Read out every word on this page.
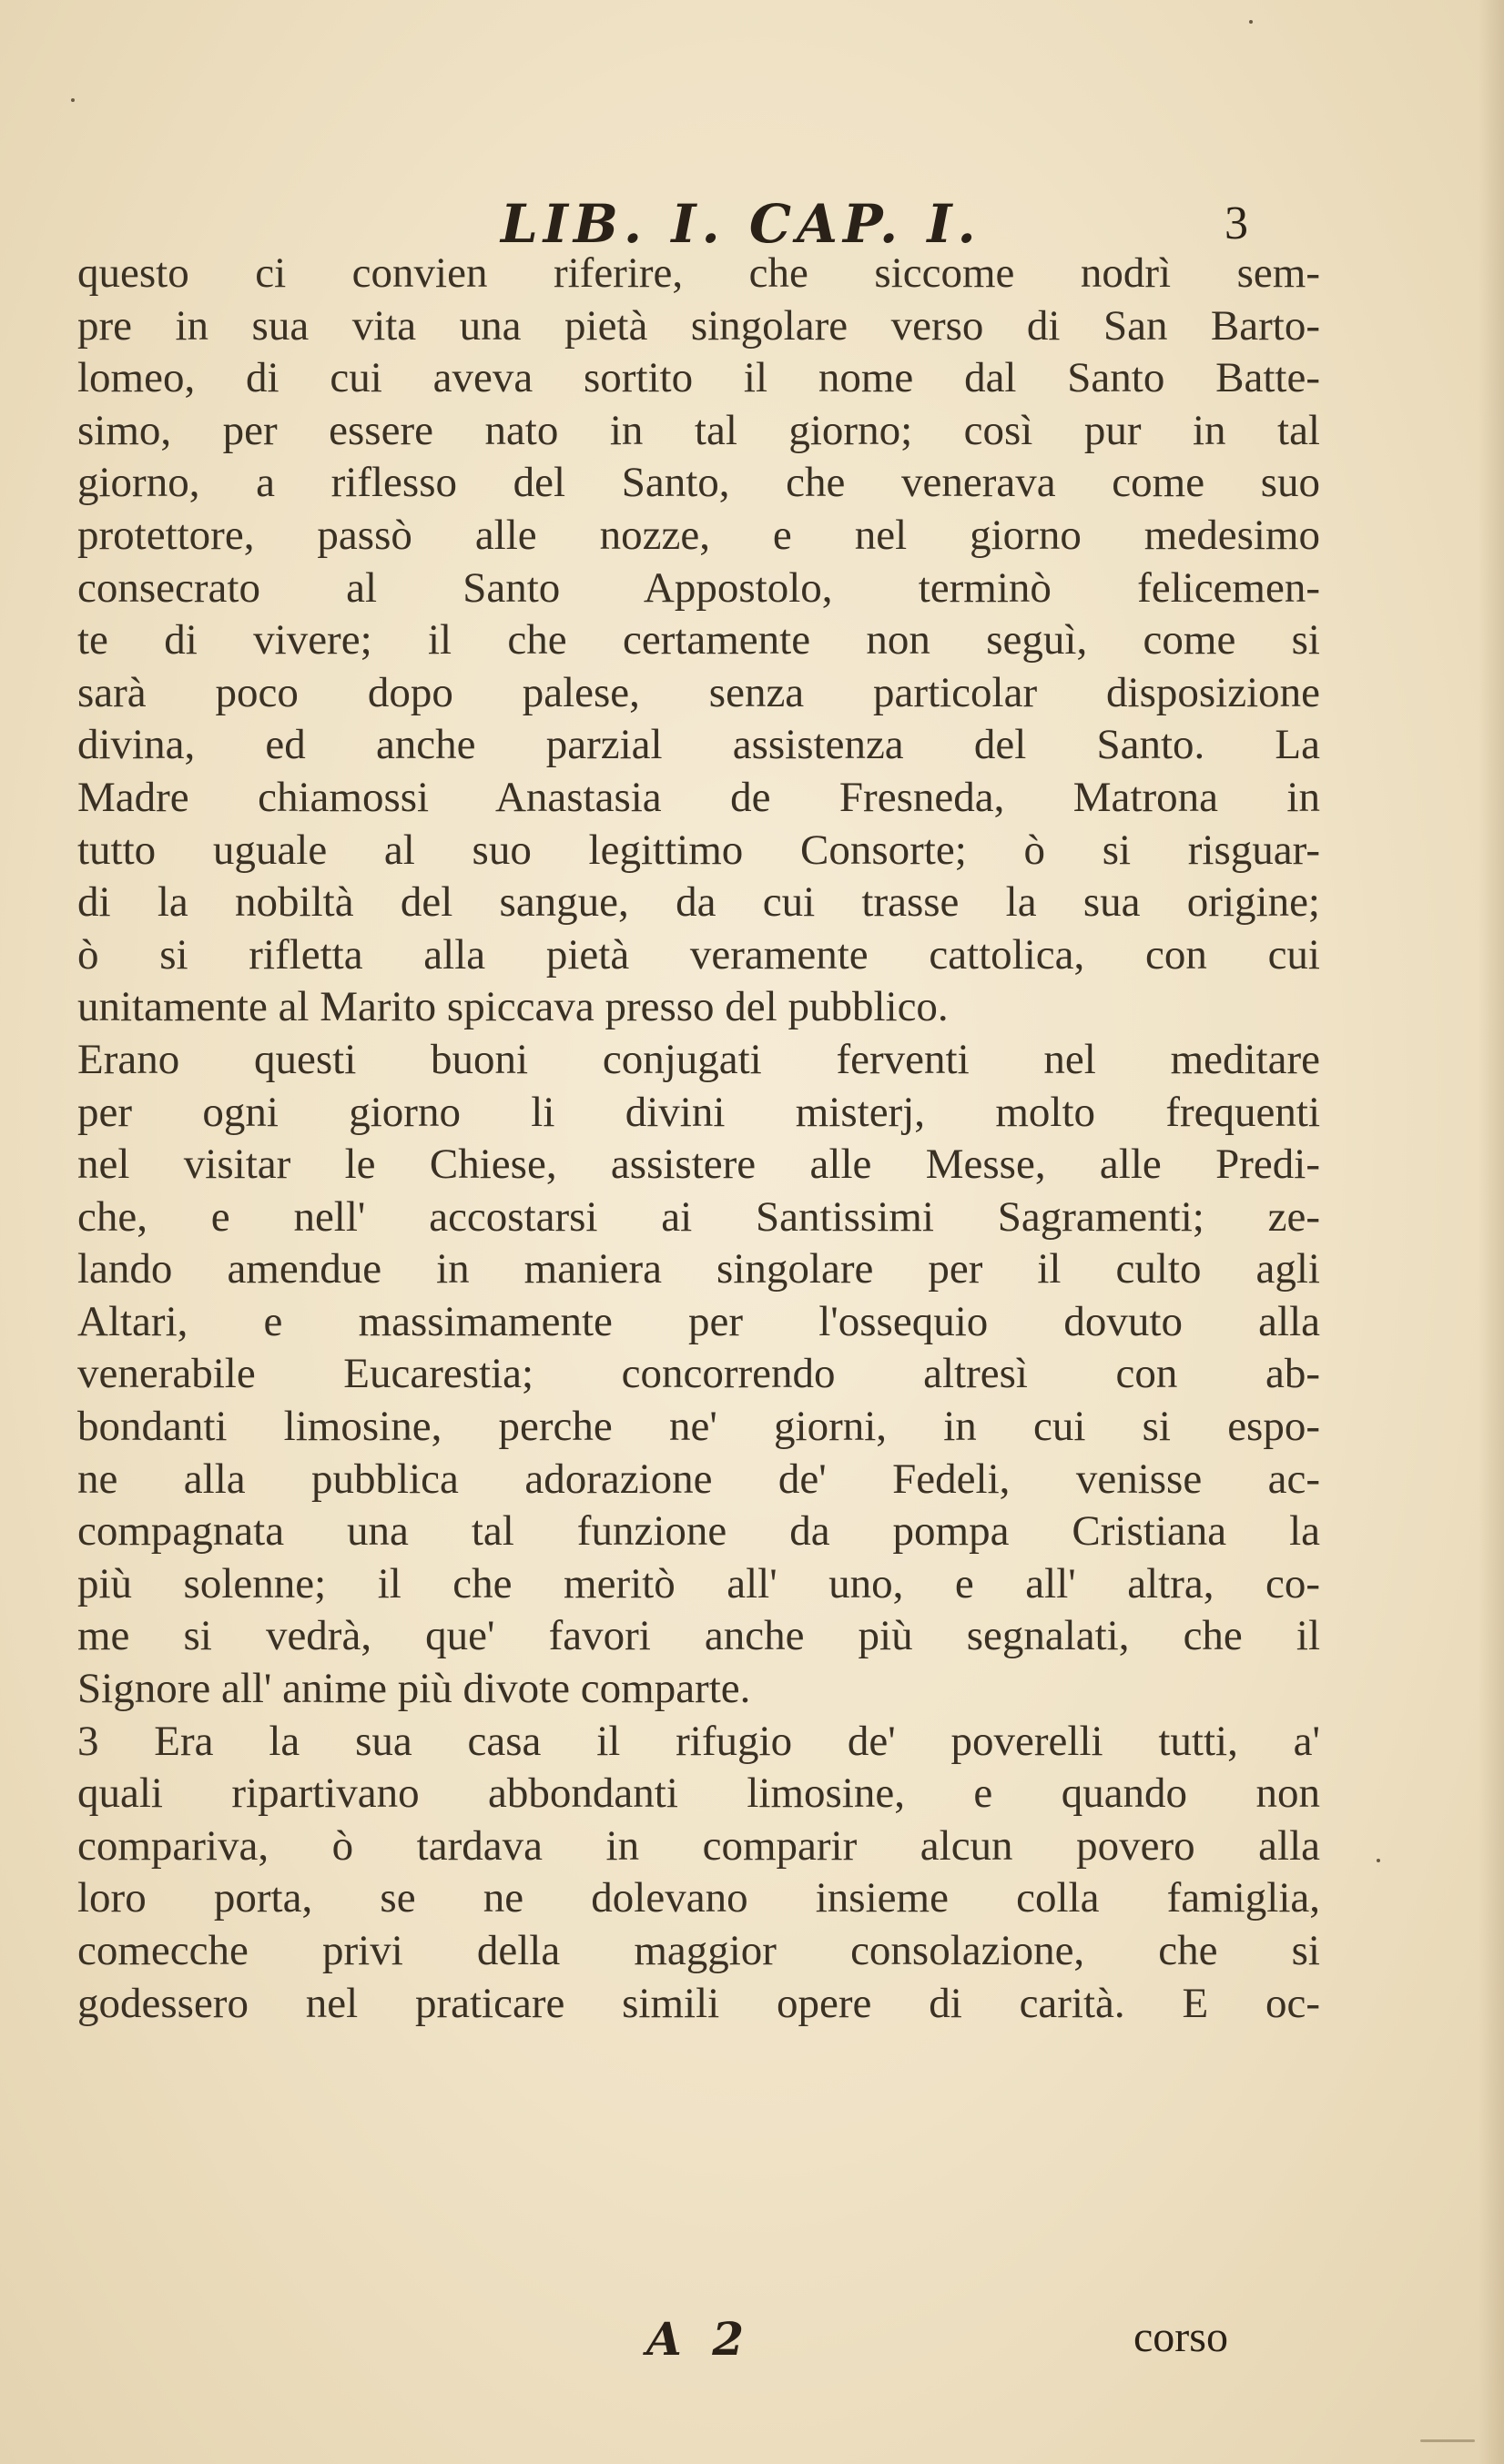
LIB. I. CAP. I.	3
questo ci convien riferire, che siccome nodrì sem-
pre in sua vita una pietà singolare verso di San Barto-
lomeo, di cui aveva sortito il nome dal Santo Batte-
simo, per essere nato in tal giorno; così pur in tal
giorno, a riflesso del Santo, che venerava come suo
protettore, passò alle nozze, e nel giorno medesimo
consecrato al Santo Appostolo, terminò felicemen-
te di vivere; il che certamente non seguì, come si
sarà poco dopo palese, senza particolar disposizione
divina, ed anche parzial assistenza del Santo. La
Madre chiamossi Anastasia de Fresneda, Matrona in
tutto uguale al suo legittimo Consorte; ò si risguar-
di la nobiltà del sangue, da cui trasse la sua origine;
ò si rifletta alla pietà veramente cattolica, con cui
unitamente al Marito spiccava presso del pubblico.
Erano questi buoni conjugati ferventi nel meditare
per ogni giorno li divini misterj, molto frequenti
nel visitar le Chiese, assistere alle Messe, alle Predi-
che, e nell' accostarsi ai Santissimi Sagramenti; ze-
lando amendue in maniera singolare per il culto agli
Altari, e massimamente per l'ossequio dovuto alla
venerabile Eucarestia; concorrendo altresì con ab-
bondanti limosine, perche ne' giorni, in cui si espo-
ne alla pubblica adorazione de' Fedeli, venisse ac-
compagnata una tal funzione da pompa Cristiana la
più solenne; il che meritò all' uno, e all' altra, co-
me si vedrà, que' favori anche più segnalati, che il
Signore all' anime più divote comparte.
3 Era la sua casa il rifugio de' poverelli tutti, a'
quali ripartivano abbondanti limosine, e quando non
compariva, ò tardava in comparir alcun povero alla
loro porta, se ne dolevano insieme colla famiglia,
comecche privi della maggior consolazione, che si
godessero nel praticare simili opere di carità. E oc-
A 2	corso
